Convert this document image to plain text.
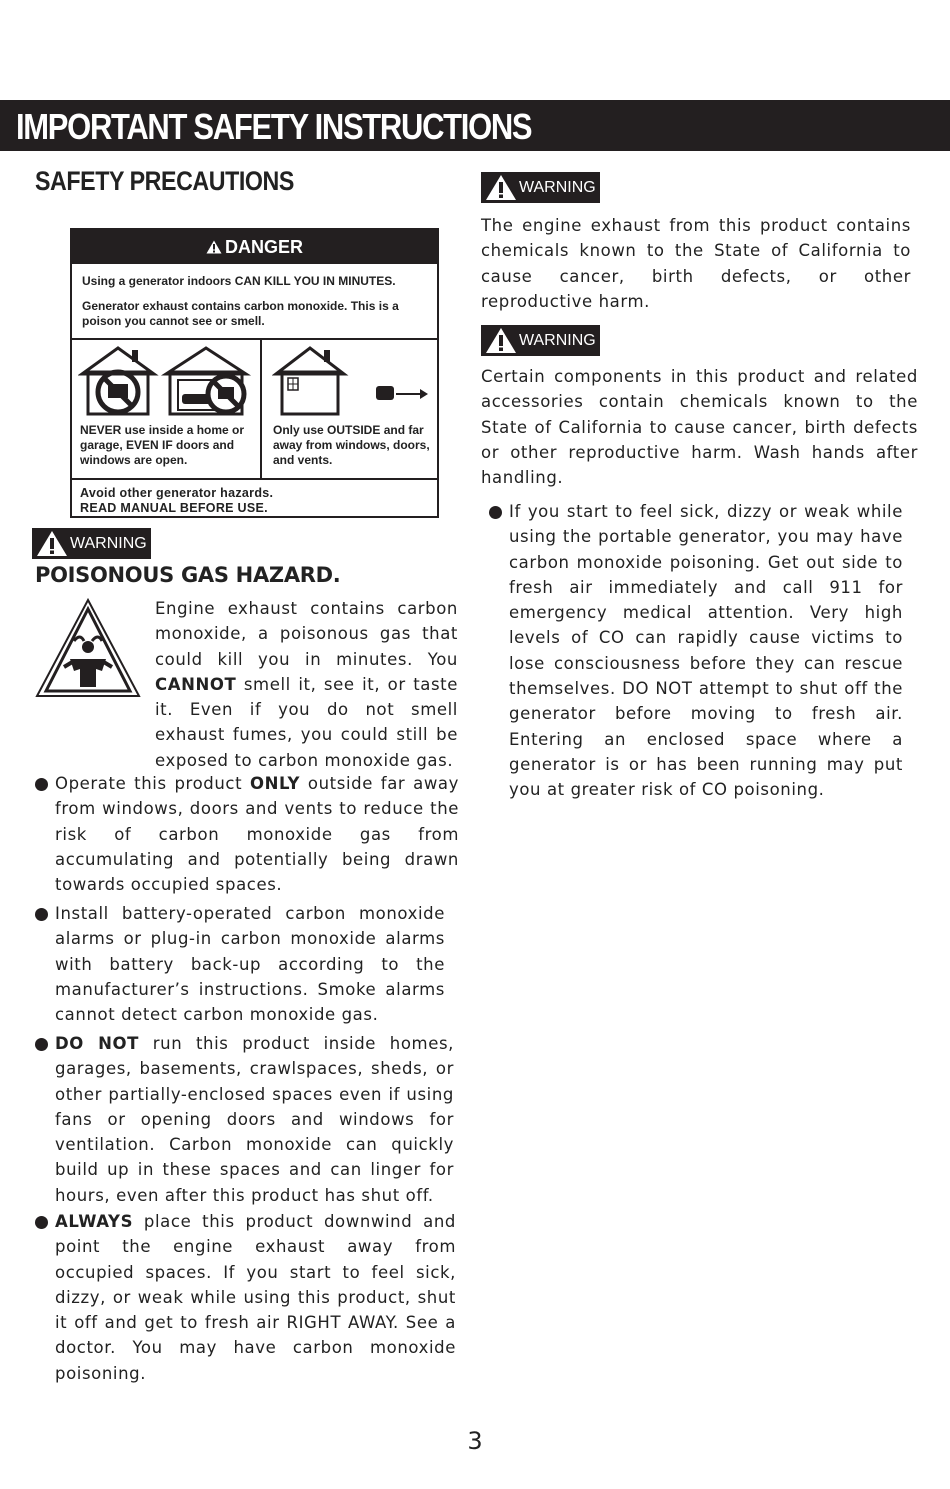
IMPORTANT SAFETY INSTRUCTIONS
SAFETY PRECAUTIONS
DANGER
Using a generator indoors CAN KILL YOU IN MINUTES.
Generator exhaust contains carbon monoxide. This is a poison you cannot see or smell.
NEVER use inside a home or garage, EVEN IF doors and windows are open.
Only use OUTSIDE and far away from windows, doors, and vents.
Avoid other generator hazards.
READ MANUAL BEFORE USE.
WARNING
POISONOUS GAS HAZARD.
Engine exhaust contains carbon monoxide, a poisonous gas that could kill you in minutes. You CANNOT smell it, see it, or taste it. Even if you do not smell exhaust fumes, you could still be exposed to carbon monoxide gas.
Operate this product ONLY outside far away from windows, doors and vents to reduce the risk of carbon monoxide gas from accumulating and potentially being drawn towards occupied spaces.
Install battery-operated carbon monoxide alarms or plug-in carbon monoxide alarms with battery back-up according to the manufacturer’s instructions. Smoke alarms cannot detect carbon monoxide gas.
DO NOT run this product inside homes, garages, basements, crawlspaces, sheds, or other partially-enclosed spaces even if using fans or opening doors and windows for ventilation. Carbon monoxide can quickly build up in these spaces and can linger for hours, even after this product has shut off.
ALWAYS place this product downwind and point the engine exhaust away from occupied spaces. If you start to feel sick, dizzy, or weak while using this product, shut it off and get to fresh air RIGHT AWAY. See a doctor. You may have carbon monoxide poisoning.
WARNING
The engine exhaust from this product contains chemicals known to the State of California to cause cancer, birth defects, or other reproductive harm.
WARNING
Certain components in this product and related accessories contain chemicals known to the State of California to cause cancer, birth defects or other reproductive harm. Wash hands after handling.
If you start to feel sick, dizzy or weak while using the portable generator, you may have carbon monoxide poisoning. Get out side to fresh air immediately and call 911 for emergency medical attention. Very high levels of CO can rapidly cause victims to lose consciousness before they can rescue themselves. DO NOT attempt to shut off the generator before moving to fresh air. Entering an enclosed space where a generator is or has been running may put you at greater risk of CO poisoning.
3
